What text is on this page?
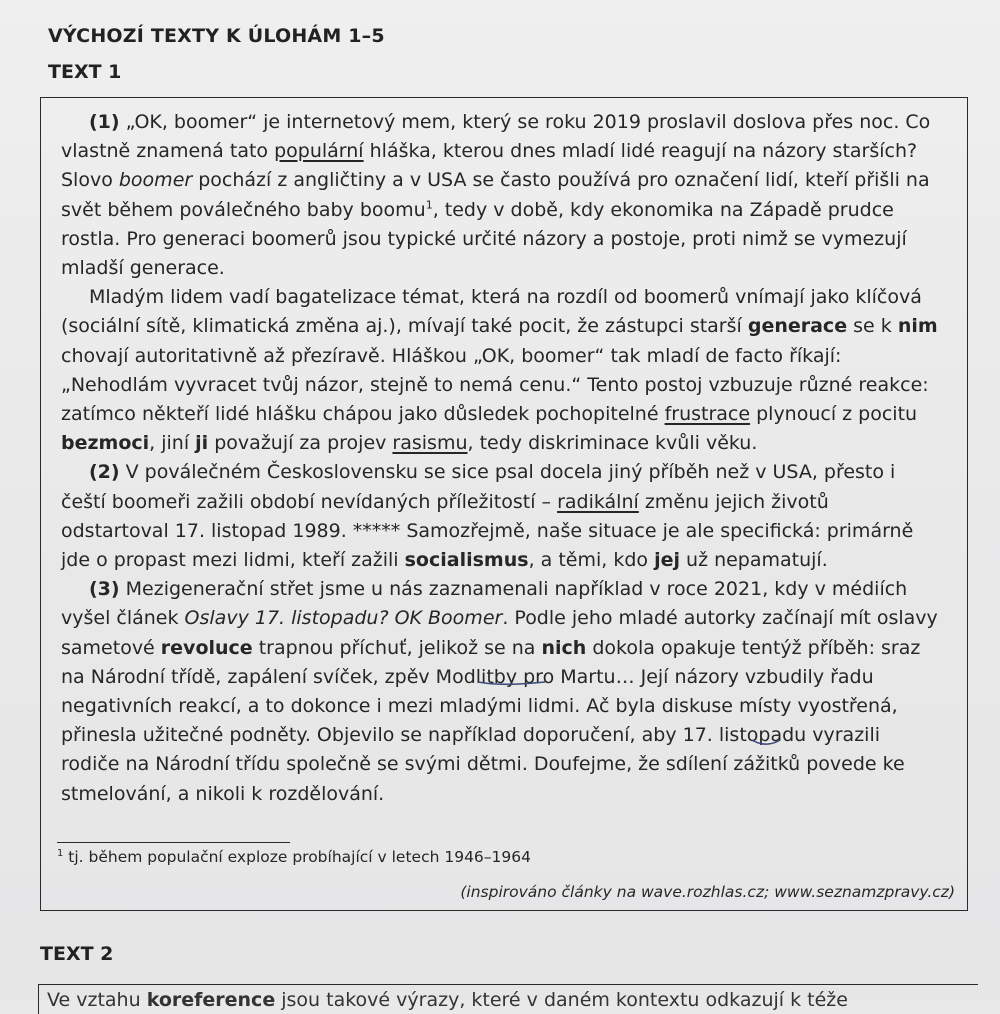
VÝCHOZÍ TEXTY K ÚLOHÁM 1–5
TEXT 1

(1) „OK, boomer“ je internetový mem, který se roku 2019 proslavil doslova přes noc. Co vlastně znamená tato populární hláška, kterou dnes mladí lidé reagují na názory starších? Slovo boomer pochází z angličtiny a v USA se často používá pro označení lidí, kteří přišli na svět během poválečného baby boomu$^1$, tedy v době, kdy ekonomika na Západě prudce rostla. Pro generaci boomerů jsou typické určité názory a postoje, proti nimž se vymezují mladší generace.

Mladým lidem vadí bagatelizace témat, která na rozdíl od boomerů vnímají jako klíčová (sociální sítě, klimatická změna aj.), mívají také pocit, že zástupci starší generace se k nim chovají autoritativně až přezíravě. Hláškou „OK, boomer“ tak mladí de facto říkají: „Nehodlám vyvracet tvůj názor, stejně to nemá cenu.“ Tento postoj vzbuzuje různé reakce: zatímco někteří lidé hlášku chápou jako důsledek pochopitelné frustrace plynoucí z pocitu bezmoci, jiní ji považují za projev rasismu, tedy diskriminace kvůli věku.

(2) V poválečném Československu se sice psal docela jiný příběh než v USA, přesto i čeští boomeři zažili období nevídaných příležitostí – radikální změnu jejich životů odstartoval 17. listopad 1989. ***** Samozřejmě, naše situace je ale specifická: primárně jde o propast mezi lidmi, kteří zažili socialismus, a těmi, kdo jej už nepamatují.

(3) Mezigenerační střet jsme u nás zaznamenali například v roce 2021, kdy v médiích vyšel článek Oslavy 17. listopadu? OK Boomer. Podle jeho mladé autorky začínají mít oslavy sametové revoluce trapnou příchuť, jelikož se na nich dokola opakuje tentýž příběh: sraz na Národní třídě, zapálení svíček, zpěv Modlitby pro Martu… Její názory vzbudily řadu negativních reakcí, a to dokonce i mezi mladými lidmi. Ač byla diskuse místy vyostřená, přinesla užitečné podněty. Objevilo se například doporučení, aby 17. listopadu vyrazili rodiče na Národní třídu společně se svými dětmi. Doufejme, že sdílení zážitků povede ke stmelování, a nikoli k rozdělování.

$^1$ tj. během populační exploze probíhající v letech 1946–1964
(inspirováno články na wave.rozhlas.cz; www.seznamzpravy.cz)
TEXT 2
Ve vztahu koreference jsou takové výrazy, které v daném kontextu odkazují k téže
